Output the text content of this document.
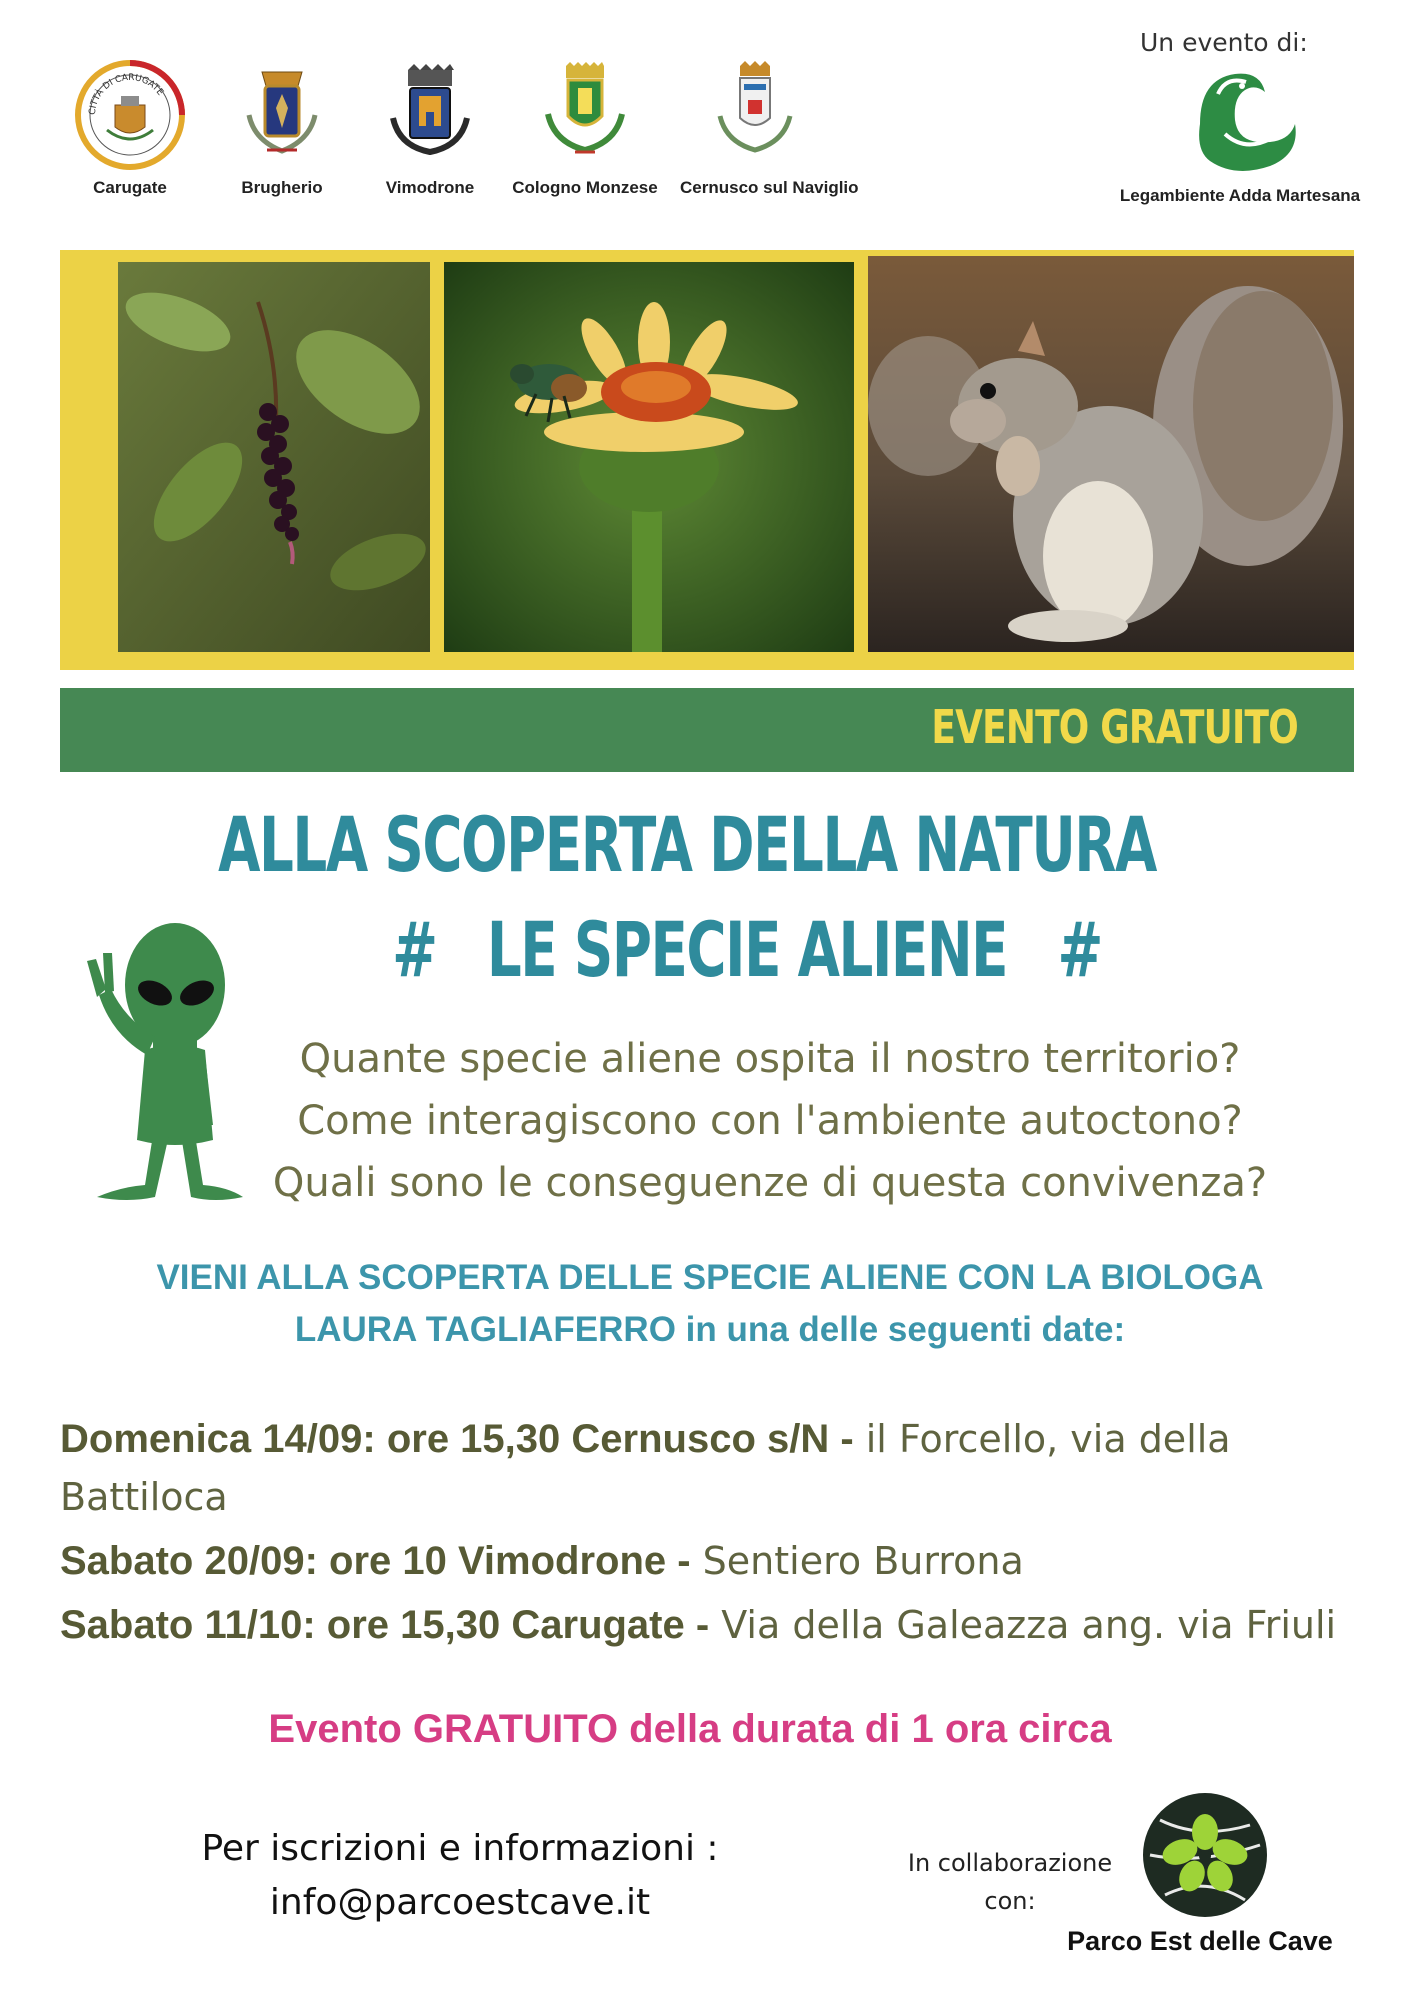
CITTÀ DI CARUGATE
Carugate	Brugherio	Vimodrone	Cologno Monzese Cernusco sul Naviglio
Un evento di:
Legambiente Adda Martesana
EVENTO GRATUITO
ALLA SCOPERTA DELLA NATURA
# LE SPECIE ALIENE #
Quante specie aliene ospita il nostro territorio?
Come interagiscono con l'ambiente autoctono?
Quali sono le conseguenze di questa convivenza?
VIENI ALLA SCOPERTA DELLE SPECIE ALIENE CON LA BIOLOGA
LAURA TAGLIAFERRO in una delle seguenti date:
Domenica 14/09: ore 15,30 Cernusco s/N - il Forcello, via della Battiloca
Sabato 20/09: ore 10 Vimodrone - Sentiero Burrona
Sabato 11/10: ore 15,30 Carugate - Via della Galeazza ang. via Friuli
Evento GRATUITO della durata di 1 ora circa
Per iscrizioni e informazioni :
info@parcoestcave.it
In collaborazione
con:
Parco Est delle Cave
